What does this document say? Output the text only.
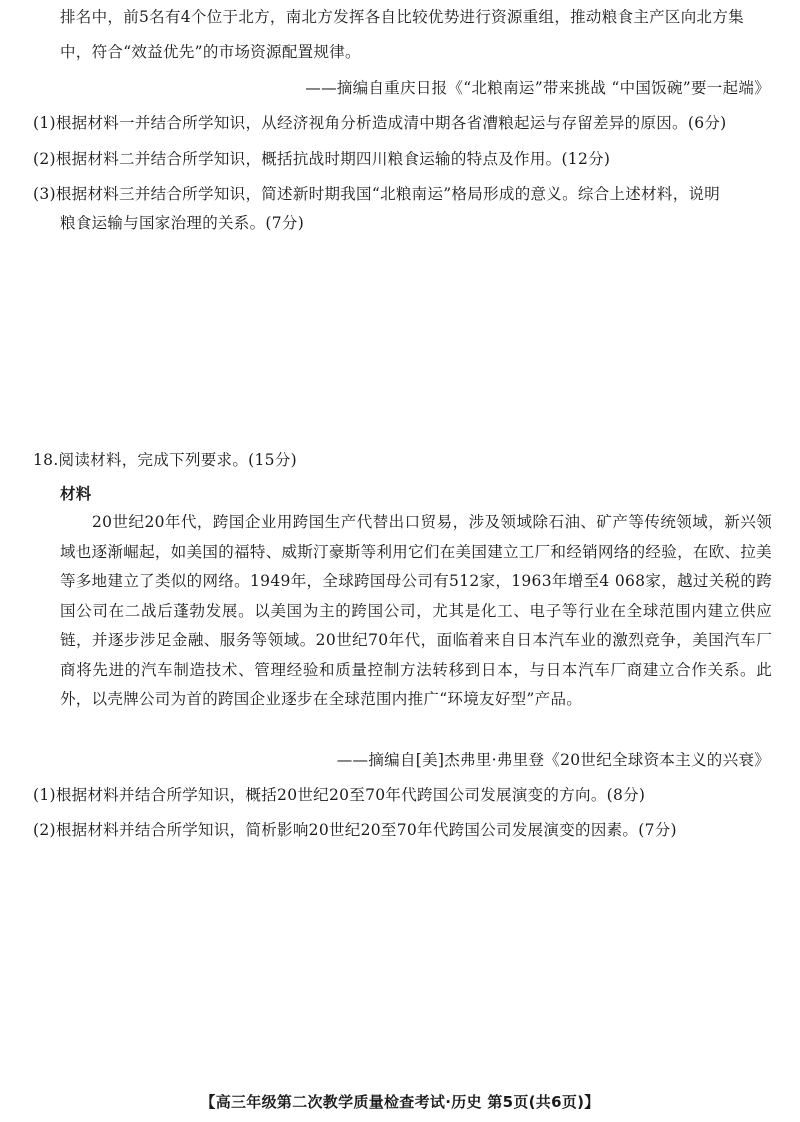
排名中，前5名有4个位于北方，南北方发挥各自比较优势进行资源重组，推动粮食主产区向北方集
中，符合“效益优先”的市场资源配置规律。
——摘编自重庆日报《“北粮南运”带来挑战 “中国饭碗”要一起端》
(1)根据材料一并结合所学知识，从经济视角分析造成清中期各省漕粮起运与存留差异的原因。(6分)
(2)根据材料二并结合所学知识，概括抗战时期四川粮食运输的特点及作用。(12分)
(3)根据材料三并结合所学知识，简述新时期我国“北粮南运”格局形成的意义。综合上述材料，说明
粮食运输与国家治理的关系。(7分)
18.阅读材料，完成下列要求。(15分)
材料

20世纪20年代，跨国企业用跨国生产代替出口贸易，涉及领域除石油、矿产等传统领域，新兴领域也逐渐崛起，如美国的福特、威斯汀豪斯等利用它们在美国建立工厂和经销网络的经验，在欧、拉美等多地建立了类似的网络。1949年，全球跨国母公司有512家，1963年增至4 068家，越过关税的跨国公司在二战后蓬勃发展。以美国为主的跨国公司，尤其是化工、电子等行业在全球范围内建立供应链，并逐步涉足金融、服务等领域。20世纪70年代，面临着来自日本汽车业的激烈竞争，美国汽车厂商将先进的汽车制造技术、管理经验和质量控制方法转移到日本，与日本汽车厂商建立合作关系。此外，以壳牌公司为首的跨国企业逐步在全球范围内推广“环境友好型”产品。

——摘编自[美]杰弗里·弗里登《20世纪全球资本主义的兴衰》
(1)根据材料并结合所学知识，概括20世纪20至70年代跨国公司发展演变的方向。(8分)
(2)根据材料并结合所学知识，简析影响20世纪20至70年代跨国公司发展演变的因素。(7分)
【高三年级第二次教学质量检查考试·历史 第5页(共6页)】
